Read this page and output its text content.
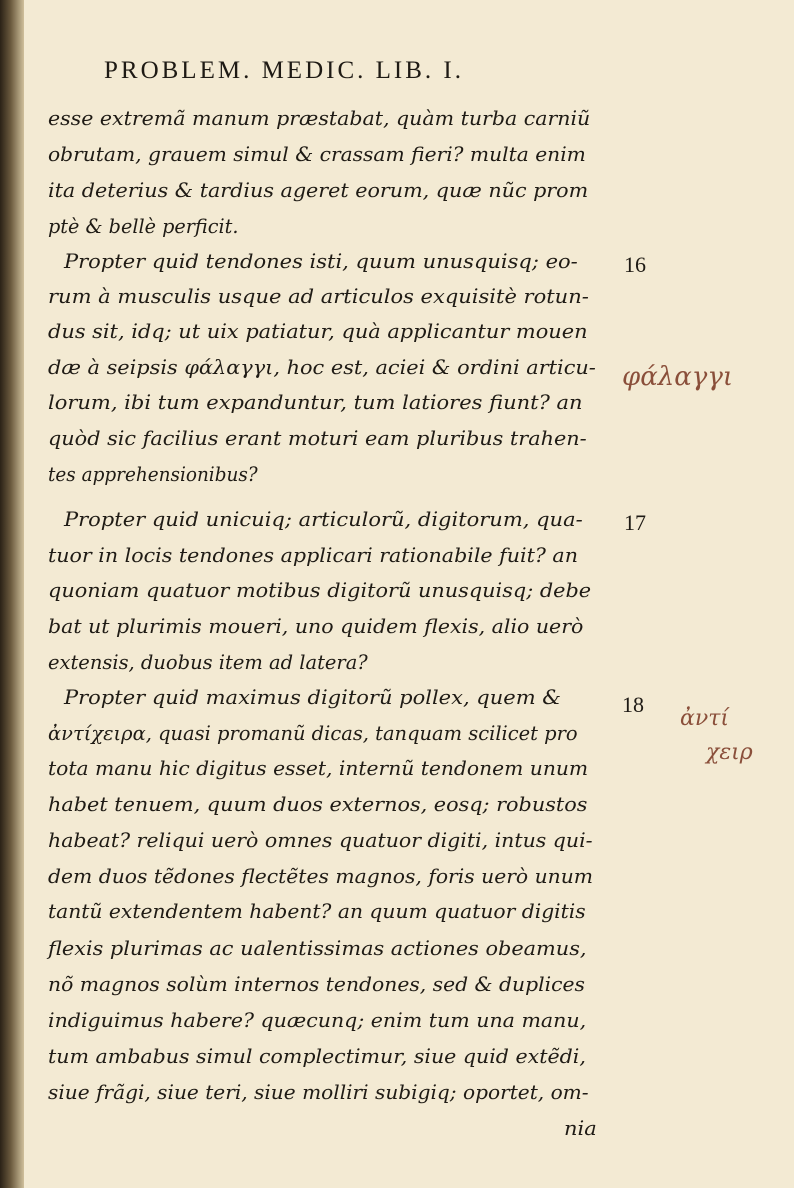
PROBLEM. MEDIC. LIB. I.
esse extremã manum præstabat, quàm turba carniũ
obrutam, grauem simul & crassam fieri? multa enim
ita deterius & tardius ageret eorum, quæ nũc prom
ptè & bellè perficit.
Propter quid tendones isti, quum unusquisq; eo-
rum à musculis usque ad articulos exquisitè rotun-
dus sit, idq; ut uix patiatur, quà applicantur mouen
dæ à seipsis φάλαγγι, hoc est, aciei & ordini articu-
lorum, ibi tum expanduntur, tum latiores fiunt? an
quòd sic facilius erant moturi eam pluribus trahen-
tes apprehensionibus?
Propter quid unicuiq; articulorũ, digitorum, qua-
tuor in locis tendones applicari rationabile fuit? an
quoniam quatuor motibus digitorũ unusquisq; debe
bat ut plurimis moueri, uno quidem flexis, alio uerò
extensis, duobus item ad latera?
Propter quid maximus digitorũ pollex, quem &
ἀντίχειρα, quasi promanũ dicas, tanquam scilicet pro
tota manu hic digitus esset, internũ tendonem unum
habet tenuem, quum duos externos, eosq; robustos
habeat? reliqui uerò omnes quatuor digiti, intus qui-
dem duos tẽdones flectẽtes magnos, foris uerò unum
tantũ extendentem habent? an quum quatuor digitis
flexis plurimas ac ualentissimas actiones obeamus,
nõ magnos solùm internos tendones, sed & duplices
indiguimus habere? quæcunq; enim tum una manu,
tum ambabus simul complectimur, siue quid extẽdi,
siue frãgi, siue teri, siue molliri subigiq; oportet, om-
nia
16
17
18
φάλαγγι
ἀντί
χειρ
